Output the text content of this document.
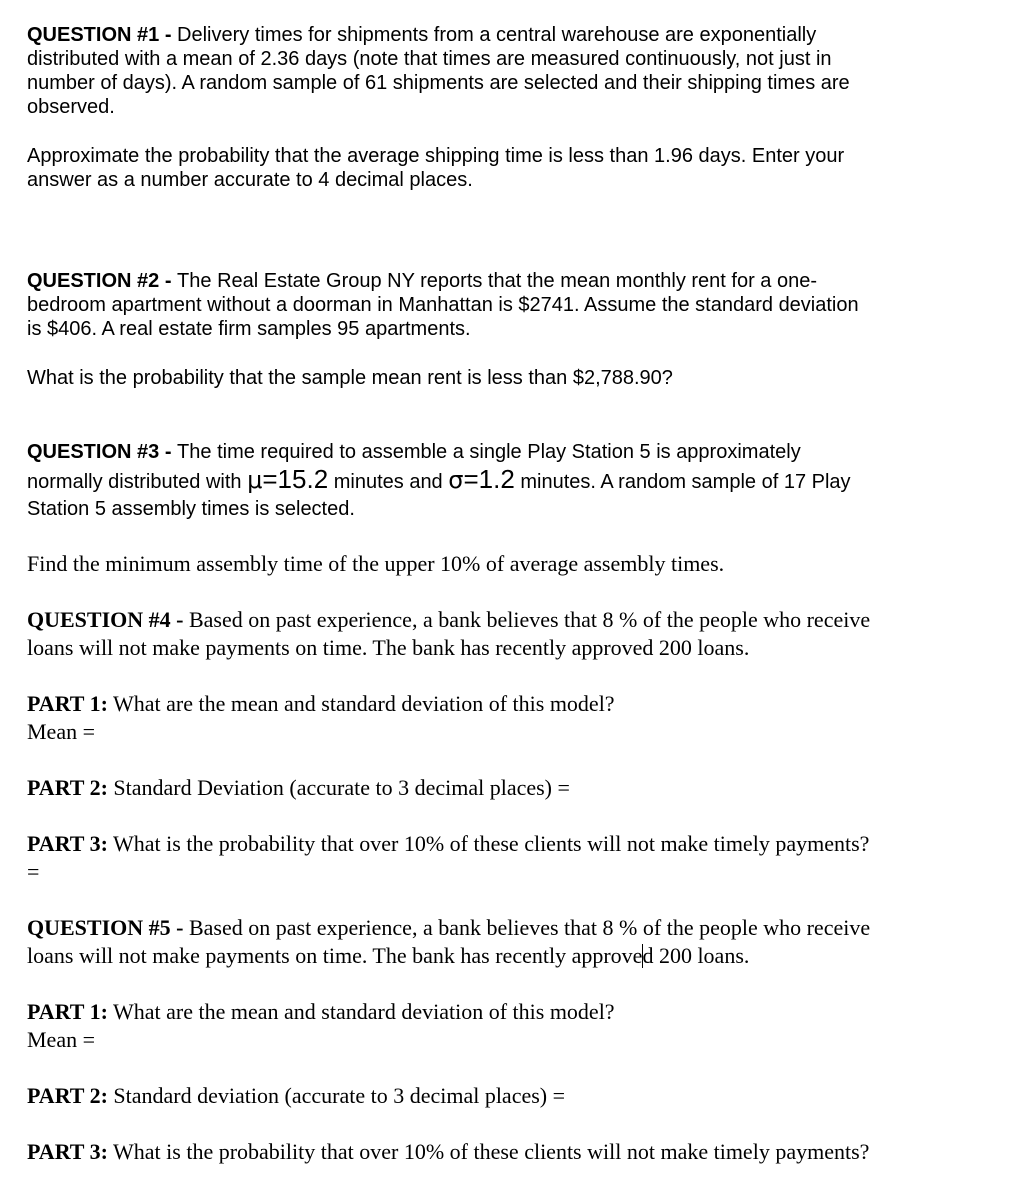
QUESTION #1 - Delivery times for shipments from a central warehouse are exponentially
distributed with a mean of 2.36 days (note that times are measured continuously, not just in
number of days). A random sample of 61 shipments are selected and their shipping times are
observed.
Approximate the probability that the average shipping time is less than 1.96 days. Enter your
answer as a number accurate to 4 decimal places.
QUESTION #2 - The Real Estate Group NY reports that the mean monthly rent for a one-
bedroom apartment without a doorman in Manhattan is $2741. Assume the standard deviation
is $406. A real estate firm samples 95 apartments.
What is the probability that the sample mean rent is less than $2,788.90?
QUESTION #3 - The time required to assemble a single Play Station 5 is approximately
normally distributed with μ=15.2 minutes and σ=1.2 minutes. A random sample of 17 Play
Station 5 assembly times is selected.
Find the minimum assembly time of the upper 10% of average assembly times.
QUESTION #4 - Based on past experience, a bank believes that 8 % of the people who receive
loans will not make payments on time. The bank has recently approved 200 loans.
PART 1: What are the mean and standard deviation of this model?
Mean =
PART 2: Standard Deviation (accurate to 3 decimal places) =
PART 3: What is the probability that over 10% of these clients will not make timely payments?
=
QUESTION #5 - Based on past experience, a bank believes that 8 % of the people who receive
loans will not make payments on time. The bank has recently approved 200 loans.
PART 1: What are the mean and standard deviation of this model?
Mean =
PART 2: Standard deviation (accurate to 3 decimal places) =
PART 3: What is the probability that over 10% of these clients will not make timely payments?
